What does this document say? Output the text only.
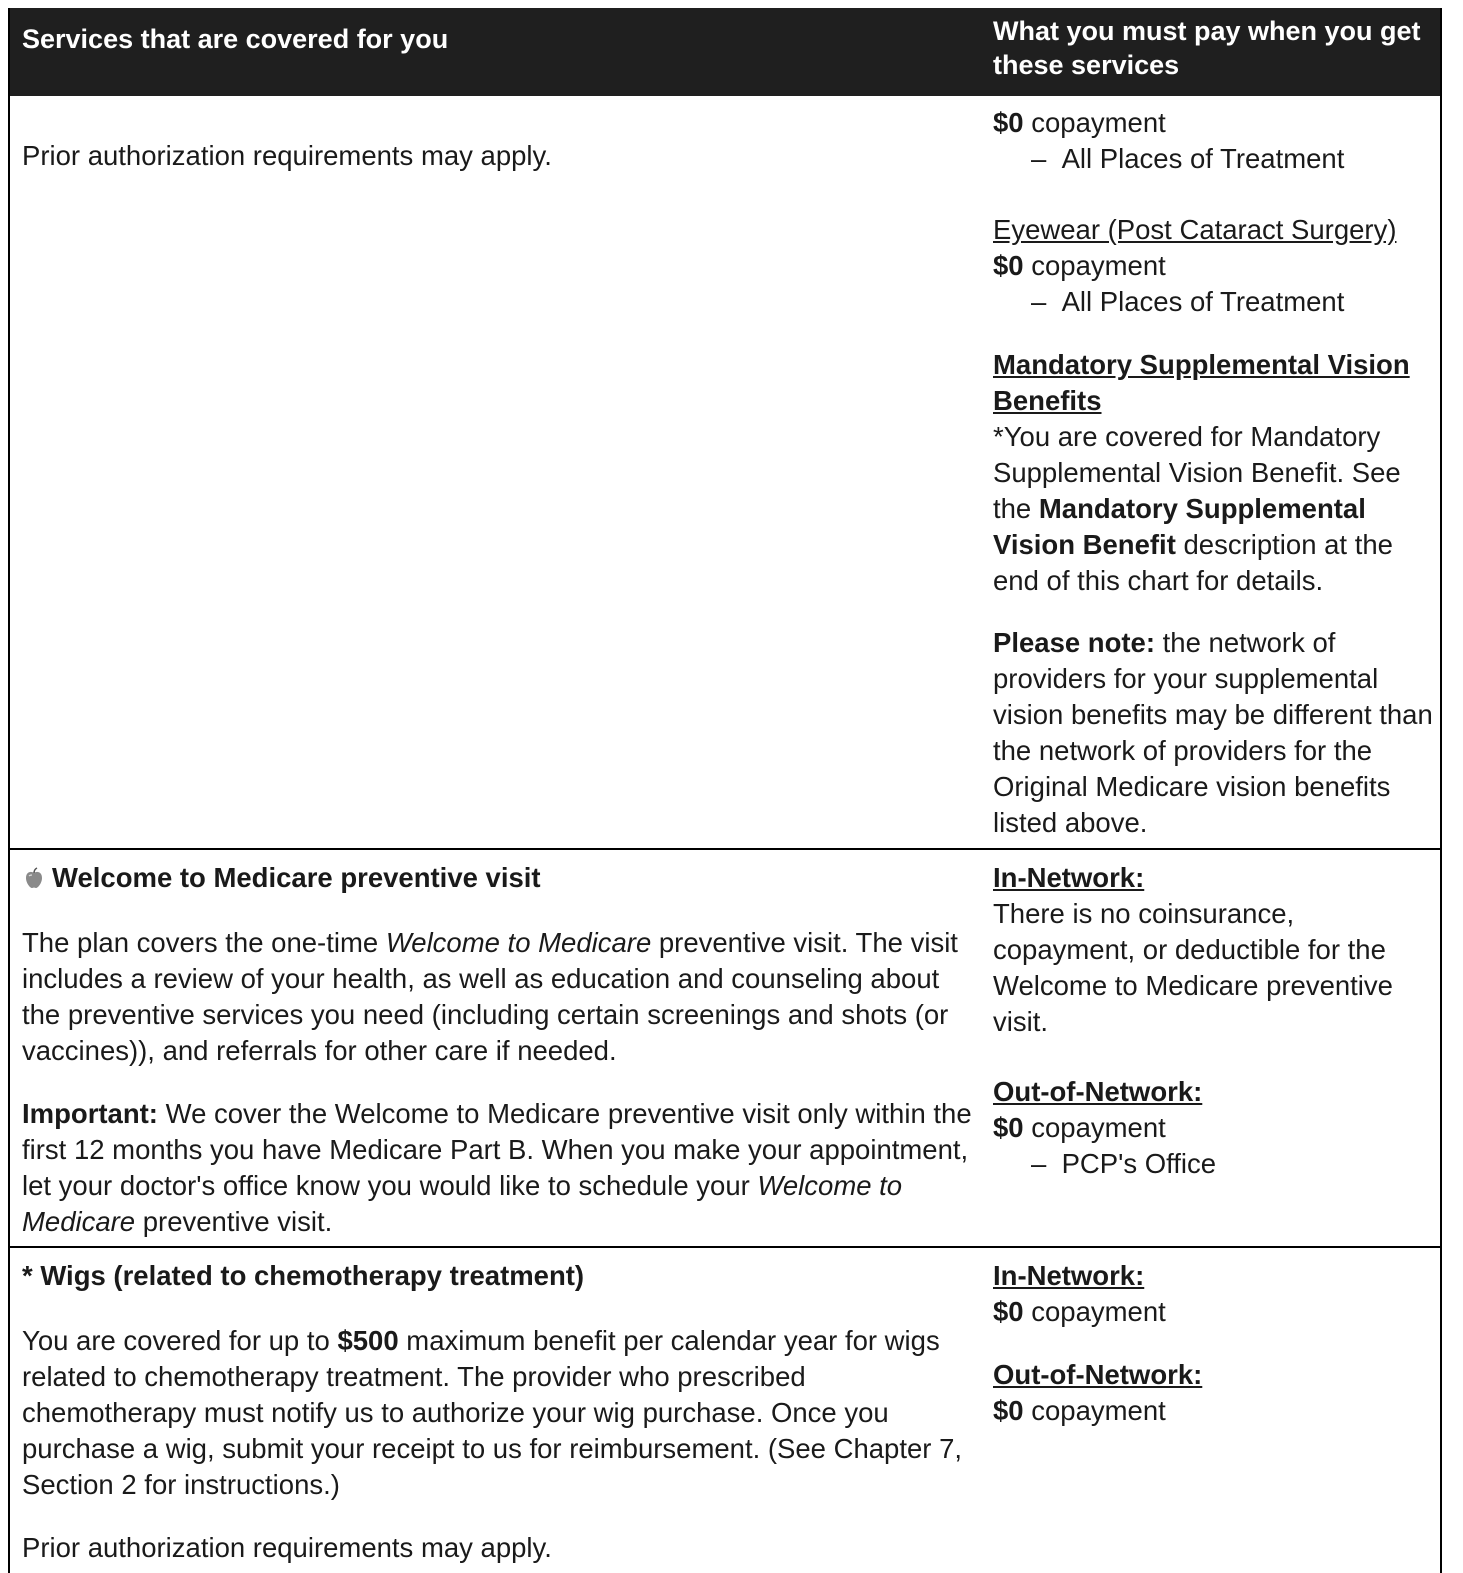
Services that are covered for you	What you must pay when you get these services

Prior authorization requirements may apply.

$0 copayment
–  All Places of Treatment
Eyewear (Post Cataract Surgery)
$0 copayment
–  All Places of Treatment
Mandatory Supplemental Vision Benefits
*You are covered for Mandatory Supplemental Vision Benefit. See the Mandatory Supplemental Vision Benefit description at the end of this chart for details.
Please note: the network of providers for your supplemental vision benefits may be different than the network of providers for the Original Medicare vision benefits listed above.
Welcome to Medicare preventive visit

The plan covers the one-time Welcome to Medicare preventive visit. The visit includes a review of your health, as well as education and counseling about the preventive services you need (including certain screenings and shots (or vaccines)), and referrals for other care if needed.

Important: We cover the Welcome to Medicare preventive visit only within the first 12 months you have Medicare Part B. When you make your appointment, let your doctor's office know you would like to schedule your Welcome to Medicare preventive visit.

In-Network:
There is no coinsurance, copayment, or deductible for the Welcome to Medicare preventive visit.
Out-of-Network:
$0 copayment
–  PCP's Office
* Wigs (related to chemotherapy treatment)

You are covered for up to $500 maximum benefit per calendar year for wigs related to chemotherapy treatment. The provider who prescribed chemotherapy must notify us to authorize your wig purchase. Once you purchase a wig, submit your receipt to us for reimbursement. (See Chapter 7, Section 2 for instructions.)

Prior authorization requirements may apply.

In-Network:
$0 copayment
Out-of-Network:
$0 copayment
